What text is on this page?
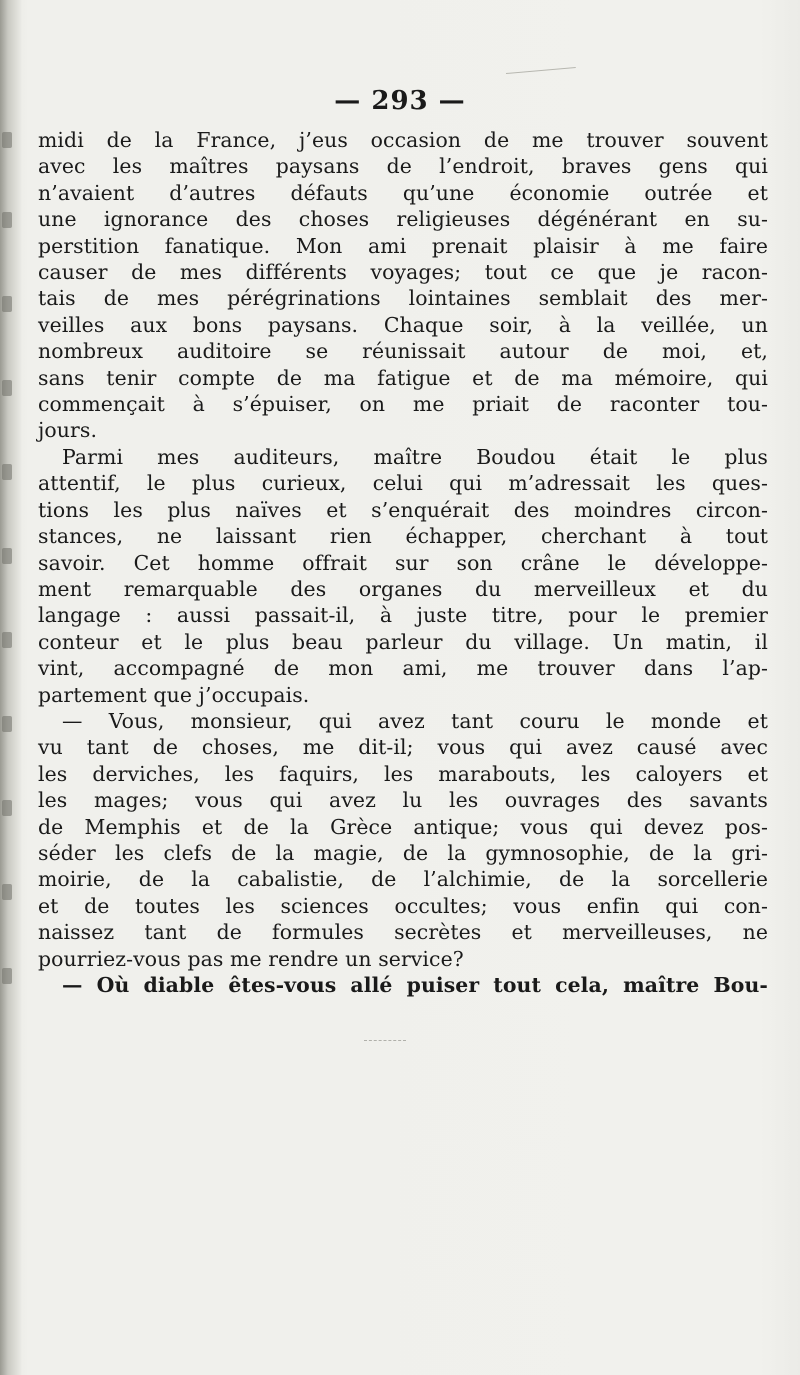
— 293 —
midi de la France, j’eus occasion de me trouver souvent
avec les maîtres paysans de l’endroit, braves gens qui
n’avaient d’autres défauts qu’une économie outrée et
une ignorance des choses religieuses dégénérant en su-
perstition fanatique. Mon ami prenait plaisir à me faire
causer de mes différents voyages; tout ce que je racon-
tais de mes pérégrinations lointaines semblait des mer-
veilles aux bons paysans. Chaque soir, à la veillée, un
nombreux auditoire se réunissait autour de moi, et,
sans tenir compte de ma fatigue et de ma mémoire, qui
commençait à s’épuiser, on me priait de raconter tou-
jours.
Parmi mes auditeurs, maître Boudou était le plus
attentif, le plus curieux, celui qui m’adressait les ques-
tions les plus naïves et s’enquérait des moindres circon-
stances, ne laissant rien échapper, cherchant à tout
savoir. Cet homme offrait sur son crâne le développe-
ment remarquable des organes du merveilleux et du
langage : aussi passait-il, à juste titre, pour le premier
conteur et le plus beau parleur du village. Un matin, il
vint, accompagné de mon ami, me trouver dans l’ap-
partement que j’occupais.
— Vous, monsieur, qui avez tant couru le monde et
vu tant de choses, me dit-il; vous qui avez causé avec
les derviches, les faquirs, les marabouts, les caloyers et
les mages; vous qui avez lu les ouvrages des savants
de Memphis et de la Grèce antique; vous qui devez pos-
séder les clefs de la magie, de la gymnosophie, de la gri-
moirie, de la cabalistie, de l’alchimie, de la sorcellerie
et de toutes les sciences occultes; vous enfin qui con-
naissez tant de formules secrètes et merveilleuses, ne
pourriez-vous pas me rendre un service?
— Où diable êtes-vous allé puiser tout cela, maître Bou-
